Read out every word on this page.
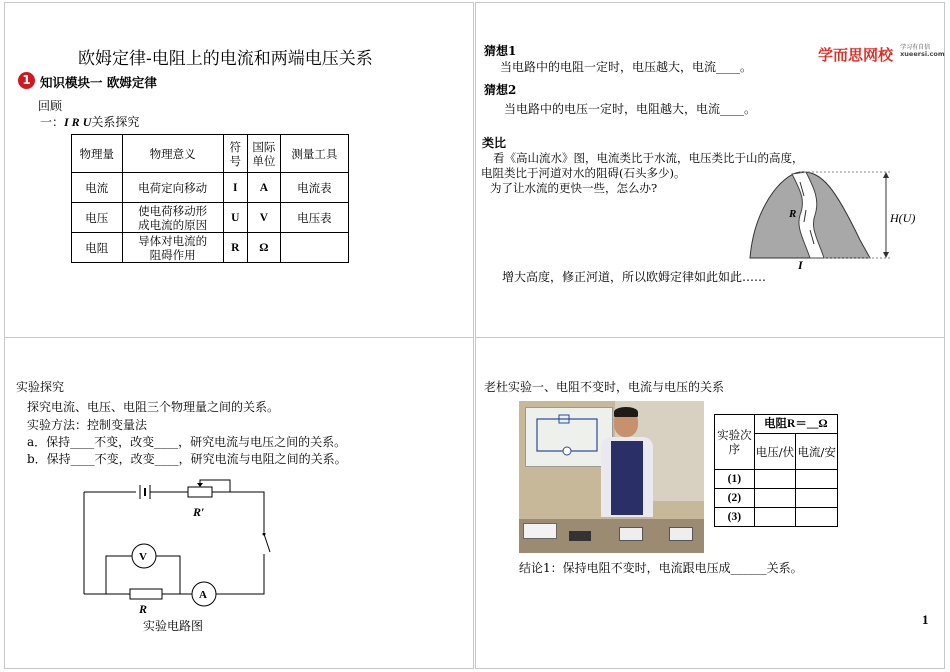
欧姆定律-电阻上的电流和两端电压关系
1 知识模块一 欧姆定律
回顾
一：I R U关系探究
物理量	物理意义	符号	国际单位	测量工具
电流	电荷定向移动	I	A	电流表
电压	使电荷移动形成电流的原因	U	V	电压表
电阻	导体对电流的阻碍作用	R	Ω	
猜想1
当电路中的电阻一定时，电压越大，电流____。
学而思网校 学习有自信
xueersi.com
猜想2
当电路中的电压一定时，电阻越大，电流____。
类比
看《高山流水》图，电流类比于水流，电压类比于山的高度，
电阻类比于河道对水的阻碍(石头多少)。
为了让水流的更快一些，怎么办?
R	H(U)
I
增大高度，修正河道，所以欧姆定律如此如此……
实验探究
探究电流、电压、电阻三个物理量之间的关系。
实验方法：控制变量法
a．保持____不变，改变____，研究电流与电压之间的关系。
b．保持____不变，改变____，研究电流与电阻之间的关系。
V
A
R′
R
实验电路图
老杜实验一、电阻不变时，电流与电压的关系
实验次序	电阻R＝__Ω	
	电压/伏	电流/安
(1)		
(2)		
(3)		
结论1：保持电阻不变时，电流跟电压成______关系。
1
